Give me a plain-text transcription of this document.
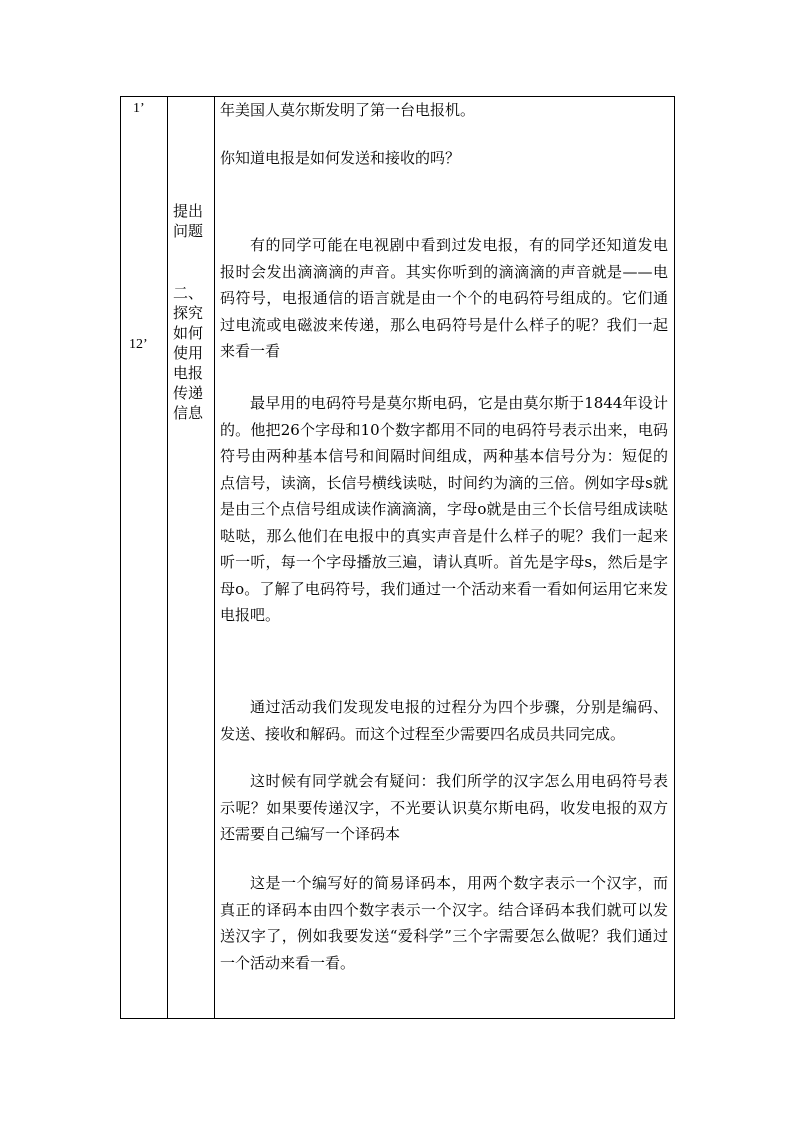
1’
12’
提出问题
二、探究如何使用电报传递信息
年美国人莫尔斯发明了第一台电报机。
你知道电报是如何发送和接收的吗？
有的同学可能在电视剧中看到过发电报，有的同学还知道发电报时会发出滴滴滴的声音。其实你听到的滴滴滴的声音就是——电码符号，电报通信的语言就是由一个个的电码符号组成的。它们通过电流或电磁波来传递，那么电码符号是什么样子的呢？我们一起来看一看
最早用的电码符号是莫尔斯电码，它是由莫尔斯于1844年设计的。他把26个字母和10个数字都用不同的电码符号表示出来，电码符号由两种基本信号和间隔时间组成，两种基本信号分为：短促的点信号，读滴，长信号横线读哒，时间约为滴的三倍。例如字母s就是由三个点信号组成读作滴滴滴，字母o就是由三个长信号组成读哒哒哒，那么他们在电报中的真实声音是什么样子的呢？我们一起来听一听，每一个字母播放三遍，请认真听。首先是字母s，然后是字母o。了解了电码符号，我们通过一个活动来看一看如何运用它来发电报吧。
通过活动我们发现发电报的过程分为四个步骤，分别是编码、发送、接收和解码。而这个过程至少需要四名成员共同完成。
这时候有同学就会有疑问：我们所学的汉字怎么用电码符号表示呢？如果要传递汉字，不光要认识莫尔斯电码，收发电报的双方还需要自己编写一个译码本
这是一个编写好的简易译码本，用两个数字表示一个汉字，而真正的译码本由四个数字表示一个汉字。结合译码本我们就可以发送汉字了，例如我要发送“爱科学”三个字需要怎么做呢？我们通过一个活动来看一看。
